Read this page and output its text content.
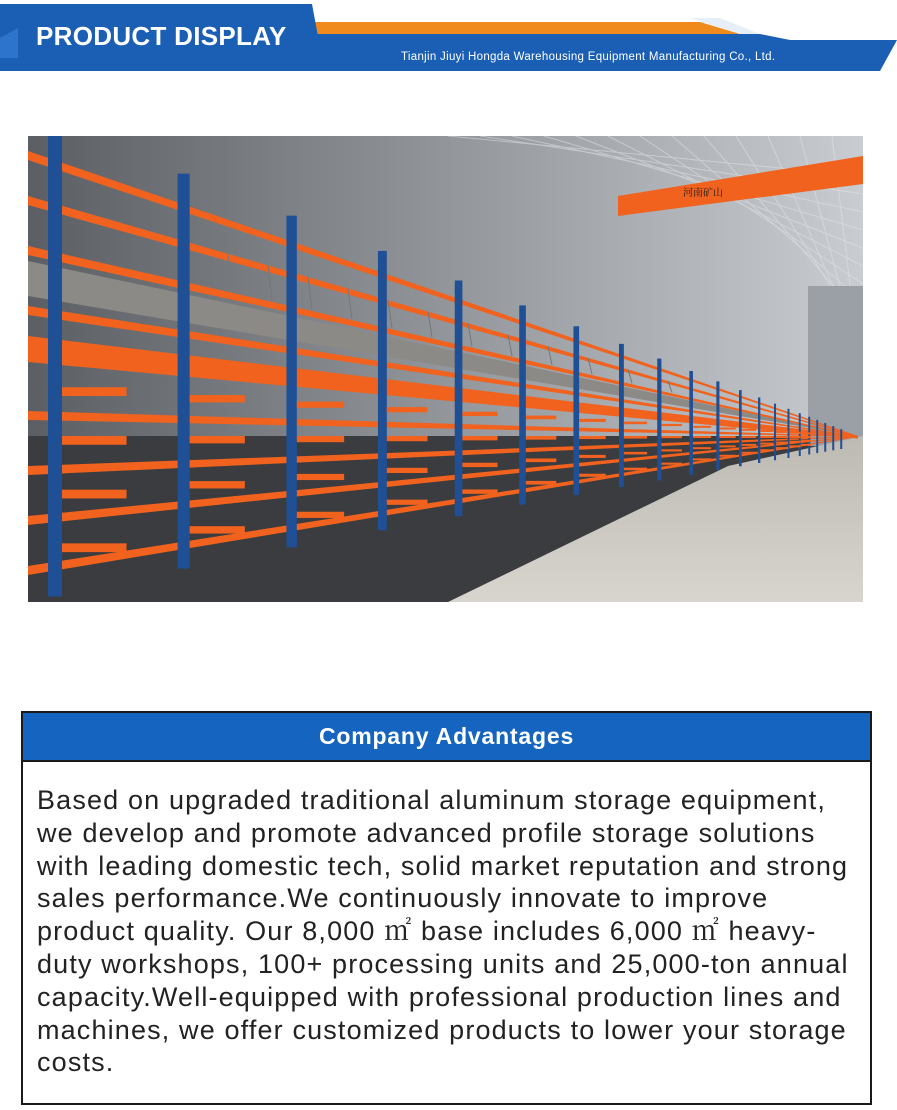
PRODUCT DISPLAY
Tianjin Jiuyi Hongda Warehousing Equipment Manufacturing Co., Ltd.
河南矿山
Company Advantages
Based on upgraded traditional aluminum storage equipment, we develop and promote advanced profile storage solutions with leading domestic tech, solid market reputation and strong sales performance.We continuously innovate to improve product quality. Our 8,000 ㎡ base includes 6,000 ㎡ heavy-duty workshops, 100+ processing units and 25,000-ton annual capacity.Well-equipped with professional production lines and machines, we offer customized products to lower your storage costs.
